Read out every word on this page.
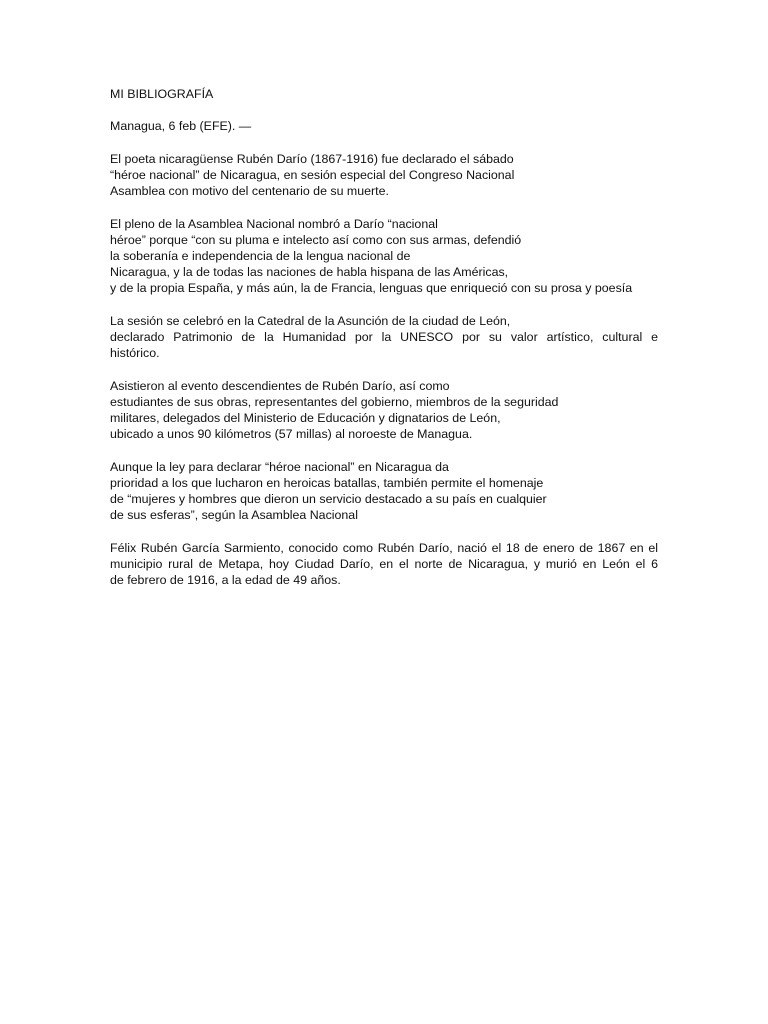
MI BIBLIOGRAFÍA
Managua, 6 feb (EFE). —
El poeta nicaragüense Rubén Darío (1867-1916) fue declarado el sábado
“héroe nacional” de Nicaragua, en sesión especial del Congreso Nacional
Asamblea con motivo del centenario de su muerte.
El pleno de la Asamblea Nacional nombró a Darío “nacional
héroe” porque “con su pluma e intelecto así como con sus armas, defendió
la soberanía e independencia de la lengua nacional de
Nicaragua, y la de todas las naciones de habla hispana de las Américas,
y de la propia España, y más aún, la de Francia, lenguas que enriqueció con su prosa y poesía
La sesión se celebró en la Catedral de la Asunción de la ciudad de León,
declarado Patrimonio de la Humanidad por la UNESCO por su valor artístico, cultural e
histórico.
Asistieron al evento descendientes de Rubén Darío, así como
estudiantes de sus obras, representantes del gobierno, miembros de la seguridad
militares, delegados del Ministerio de Educación y dignatarios de León,
ubicado a unos 90 kilómetros (57 millas) al noroeste de Managua.
Aunque la ley para declarar “héroe nacional” en Nicaragua da
prioridad a los que lucharon en heroicas batallas, también permite el homenaje
de “mujeres y hombres que dieron un servicio destacado a su país en cualquier
de sus esferas”, según la Asamblea Nacional
Félix Rubén García Sarmiento, conocido como Rubén Darío, nació el 18 de enero de 1867 en el
municipio rural de Metapa, hoy Ciudad Darío, en el norte de Nicaragua, y murió en León el 6
de febrero de 1916, a la edad de 49 años.
